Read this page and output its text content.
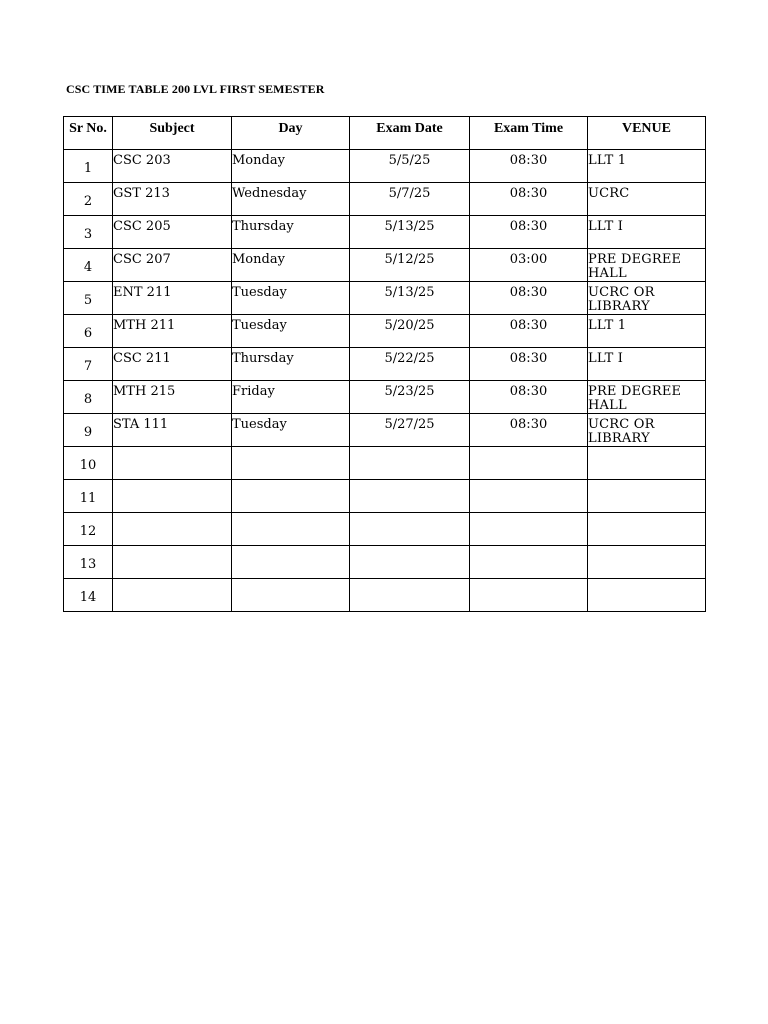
CSC TIME TABLE 200 LVL FIRST SEMESTER
Sr No.	Subject	Day	Exam Date	Exam Time	VENUE
1	CSC 203	Monday	5/5/25	08:30	LLT 1
2	GST 213	Wednesday	5/7/25	08:30	UCRC
3	CSC 205	Thursday	5/13/25	08:30	LLT I
4	CSC 207	Monday	5/12/25	03:00	PRE DEGREE HALL
5	ENT 211	Tuesday	5/13/25	08:30	UCRC OR LIBRARY
6	MTH 211	Tuesday	5/20/25	08:30	LLT 1
7	CSC 211	Thursday	5/22/25	08:30	LLT I
8	MTH 215	Friday	5/23/25	08:30	PRE DEGREE HALL
9	STA 111	Tuesday	5/27/25	08:30	UCRC OR LIBRARY
10					
11					
12					
13					
14					
